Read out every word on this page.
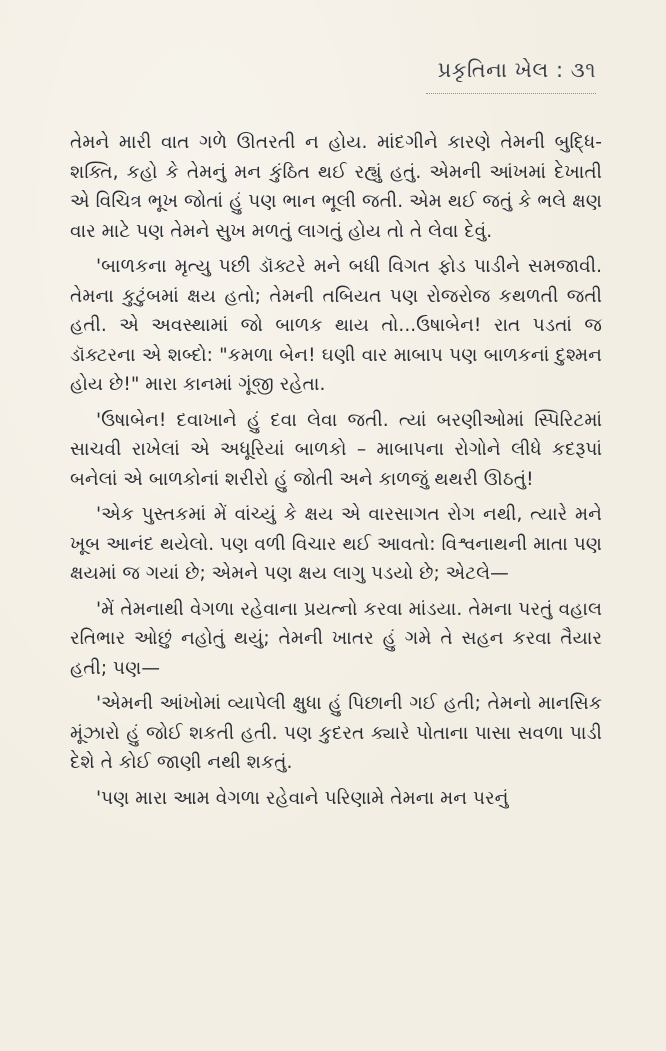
પ્રકૃતિના ખેલ : ૩૧

તેમને મારી વાત ગળે ઊતરતી ન હોય. માંદગીને કારણે તેમની બુદ્ધિ-શક્તિ, કહો કે તેમનું મન કુંઠિત થઈ રહ્યું હતું. એમની આંખમાં દેખાતી એ વિચિત્ર ભૂખ જોતાં હું પણ ભાન ભૂલી જતી. એમ થઈ જતું કે ભલે ક્ષણ વાર માટે પણ તેમને સુખ મળતું લાગતું હોય તો તે લેવા દેવું.

'બાળકના મૃત્યુ પછી ડૉક્ટરે મને બધી વિગત ફોડ પાડીને સમજાવી. તેમના કુટુંબમાં ક્ષય હતો; તેમની તબિયત પણ રોજરોજ કથળતી જતી હતી. એ અવસ્થામાં જો બાળક થાય તો...ઉષાબેન! રાત પડતાં જ ડૉક્ટરના એ શબ્દો: "કમળા બેન! ઘણી વાર માબાપ પણ બાળકનાં દુશ્મન હોય છે!" મારા કાનમાં ગૂંજી રહેતા.

'ઉષાબેન! દવાખાને હું દવા લેવા જતી. ત્યાં બરણીઓમાં સ્પિરિટમાં સાચવી રાખેલાં એ અધૂરિયાં બાળકો – માબાપના રોગોને લીધે કદરૂપાં બનેલાં એ બાળકોનાં શરીરો હું જોતી અને કાળજું થથરી ઊઠતું!

'એક પુસ્તકમાં મેં વાંચ્યું કે ક્ષય એ વારસાગત રોગ નથી, ત્યારે મને ખૂબ આનંદ થયેલો. પણ વળી વિચાર થઈ આવતો: વિશ્વનાથની માતા પણ ક્ષયમાં જ ગયાં છે; એમને પણ ક્ષય લાગુ પડયો છે; એટલે—

'મેં તેમનાથી વેગળા રહેવાના પ્રયત્નો કરવા માંડયા. તેમના પરતું વહાલ રતિભાર ઓછું નહોતું થયું; તેમની ખાતર હું ગમે તે સહન કરવા તૈયાર હતી; પણ—

'એમની આંખોમાં વ્યાપેલી ક્ષુધા હું પિછાની ગઈ હતી; તેમનો માનસિક મૂંઝારો હું જોઈ શકતી હતી. પણ કુદરત ક્યારે પોતાના પાસા સવળા પાડી દેશે તે કોઈ જાણી નથી શકતું.

'પણ મારા આમ વેગળા રહેવાને પરિણામે તેમના મન પરનું
